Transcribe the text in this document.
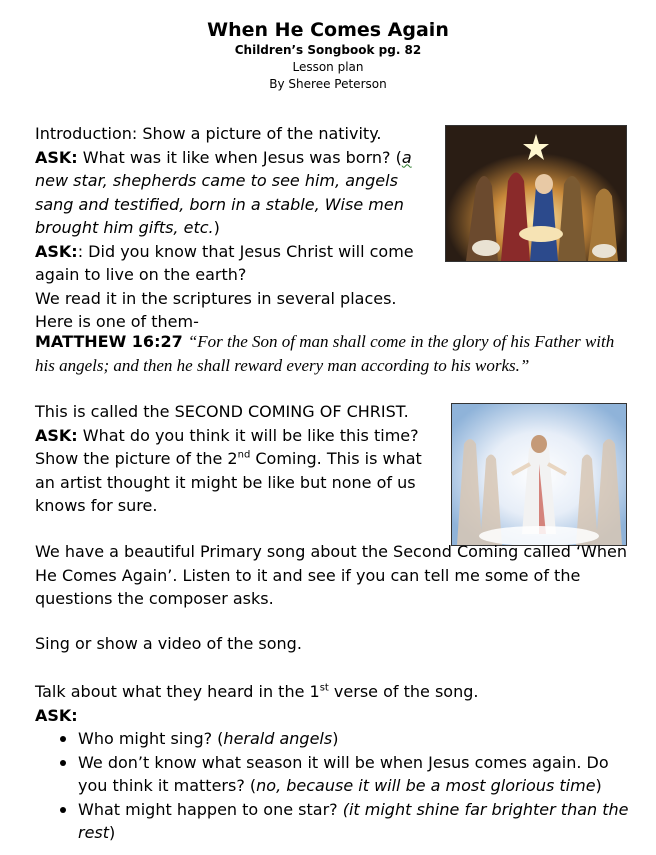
When He Comes Again
Children’s Songbook pg. 82
Lesson plan
By Sheree Peterson
Introduction: Show a picture of the nativity.
ASK: What was it like when Jesus was born? (a new star, shepherds came to see him, angels sang and testified, born in a stable, Wise men brought him gifts, etc.)
ASK:: Did you know that Jesus Christ will come again to live on the earth?
We read it in the scriptures in several places.
Here is one of them-
MATTHEW 16:27 “For the Son of man shall come in the glory of his Father with his angels; and then he shall reward every man according to his works.”
This is called the SECOND COMING OF CHRIST.
ASK: What do you think it will be like this time?
Show the picture of the 2nd Coming. This is what an artist thought it might be like but none of us knows for sure.
We have a beautiful Primary song about the Second Coming called ‘When He Comes Again’. Listen to it and see if you can tell me some of the questions the composer asks.
Sing or show a video of the song.
Talk about what they heard in the 1st verse of the song.
ASK:
Who might sing? (herald angels)
We don’t know what season it will be when Jesus comes again. Do you think it matters? (no, because it will be a most glorious time)
What might happen to one star? (it might shine far brighter than the rest)
